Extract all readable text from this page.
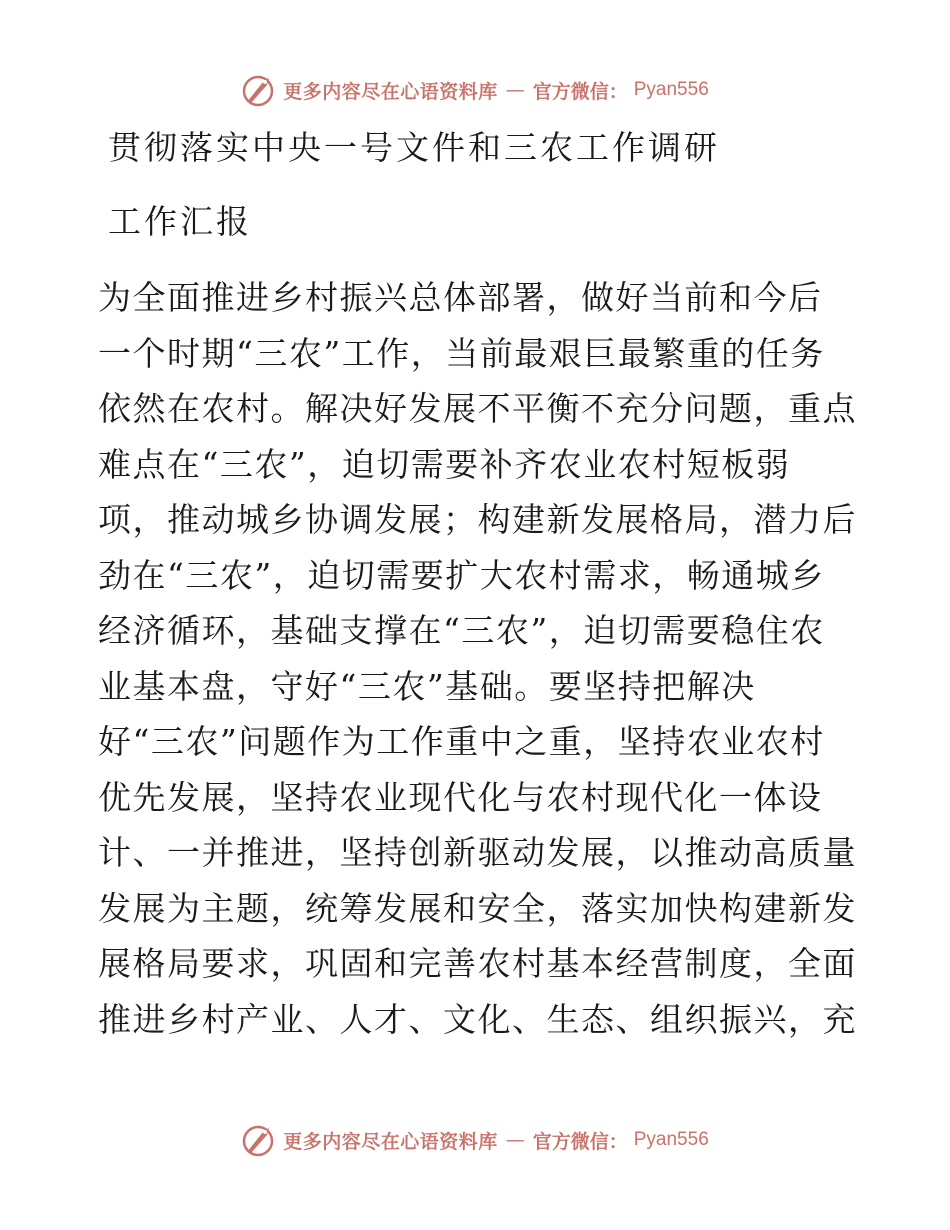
更多内容尽在心语资料库 — 官方微信： Pyan556
贯彻落实中央一号文件和三农工作调研
工作汇报
为全面推进乡村振兴总体部署，做好当前和今后
一个时期“三农”工作，当前最艰巨最繁重的任务
依然在农村。解决好发展不平衡不充分问题，重点
难点在“三农”，迫切需要补齐农业农村短板弱
项，推动城乡协调发展；构建新发展格局，潜力后
劲在“三农”，迫切需要扩大农村需求，畅通城乡
经济循环，基础支撑在“三农”，迫切需要稳住农
业基本盘，守好“三农”基础。要坚持把解决
好“三农”问题作为工作重中之重，坚持农业农村
优先发展，坚持农业现代化与农村现代化一体设
计、一并推进，坚持创新驱动发展，以推动高质量
发展为主题，统筹发展和安全，落实加快构建新发
展格局要求，巩固和完善农村基本经营制度，全面
推进乡村产业、人才、文化、生态、组织振兴，充
更多内容尽在心语资料库 — 官方微信： Pyan556
